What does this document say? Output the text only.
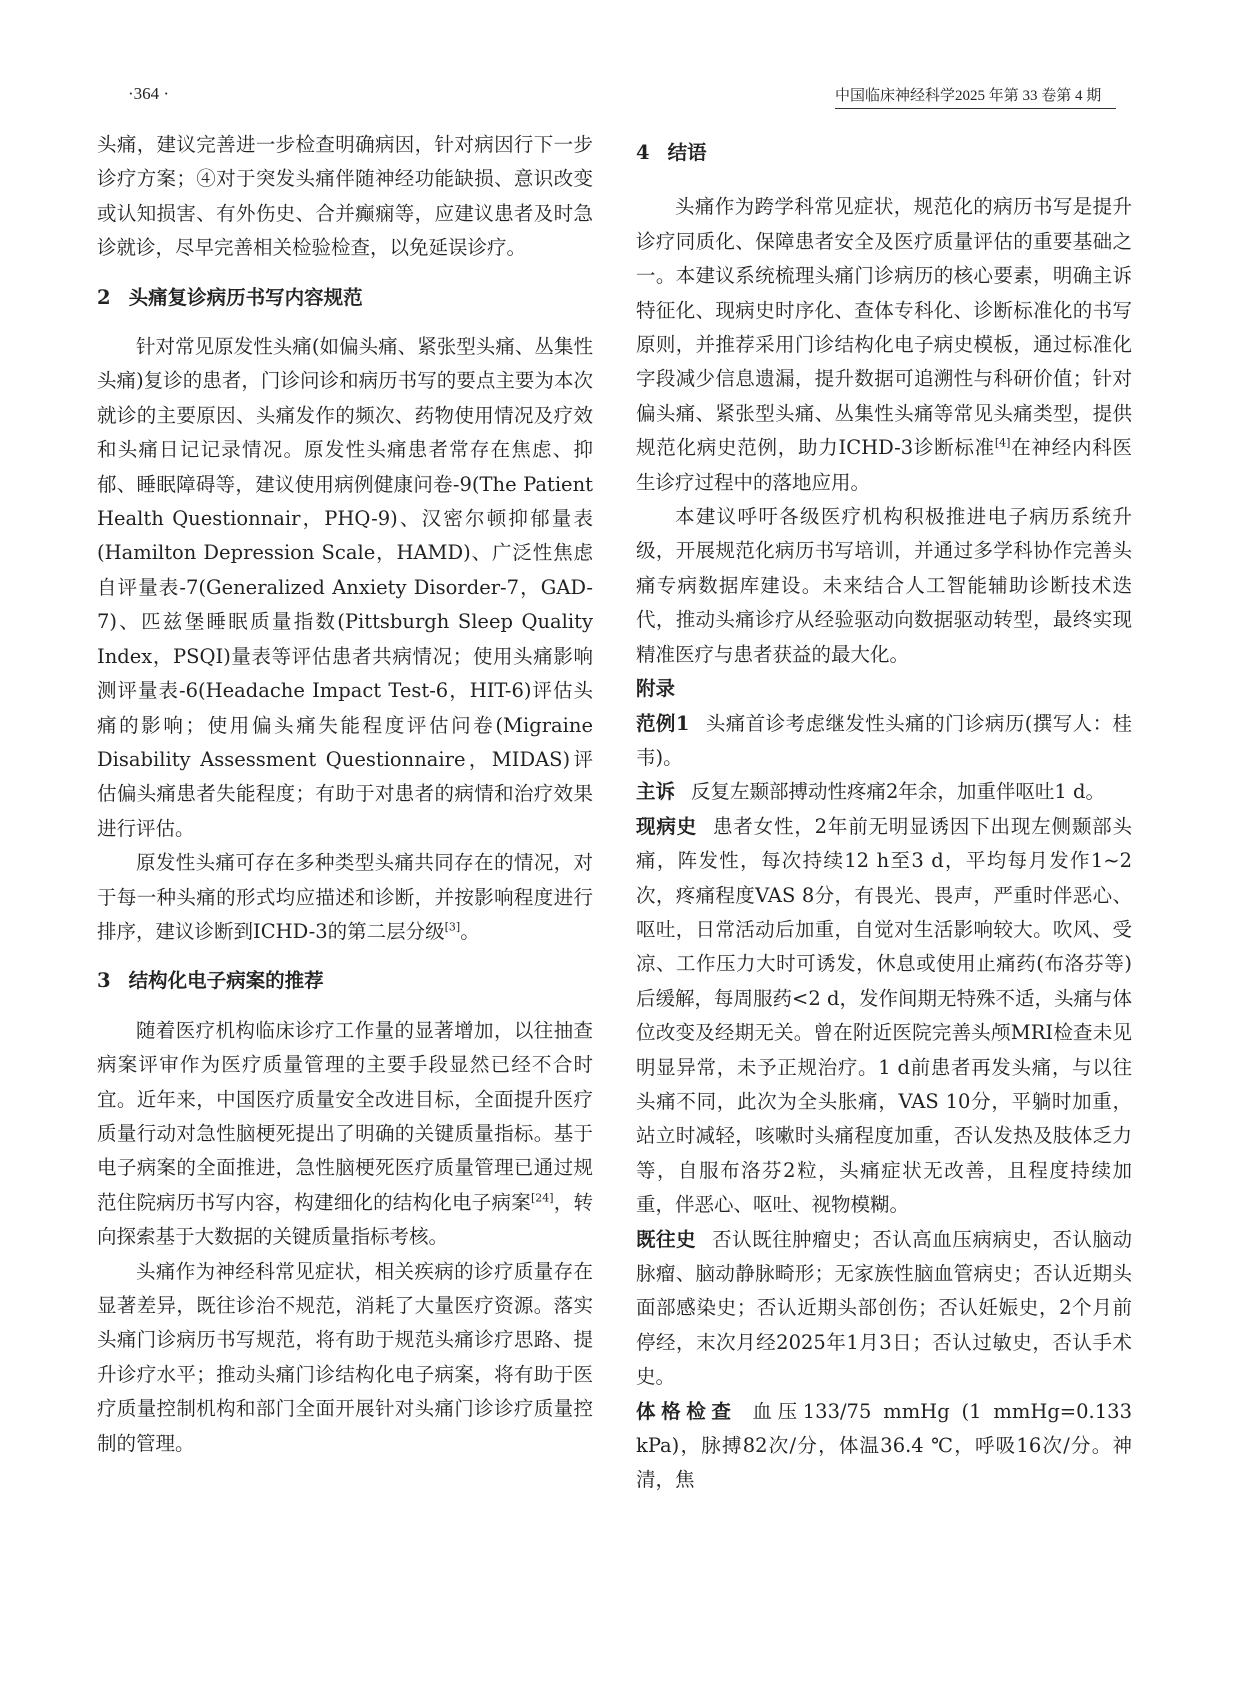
·364 ·	中国临床神经科学2025 年第 33 卷第 4 期

头痛，建议完善进一步检查明确病因，针对病因行下一步诊疗方案；④对于突发头痛伴随神经功能缺损、意识改变或认知损害、有外伤史、合并癫痫等，应建议患者及时急诊就诊，尽早完善相关检验检查，以免延误诊疗。

2 头痛复诊病历书写内容规范

针对常见原发性头痛(如偏头痛、紧张型头痛、丛集性头痛)复诊的患者，门诊问诊和病历书写的要点主要为本次就诊的主要原因、头痛发作的频次、药物使用情况及疗效和头痛日记记录情况。原发性头痛患者常存在焦虑、抑郁、睡眠障碍等，建议使用病例健康问卷-9(The Patient Health Questionnair，PHQ-9)、汉密尔顿抑郁量表(Hamilton Depression Scale，HAMD)、广泛性焦虑自评量表-7(Generalized Anxiety Disorder-7，GAD-7)、匹兹堡睡眠质量指数(Pittsburgh Sleep Quality Index，PSQI)量表等评估患者共病情况；使用头痛影响测评量表-6(Headache Impact Test-6，HIT-6)评估头痛的影响；使用偏头痛失能程度评估问卷(Migraine Disability Assessment Questionnaire，MIDAS)评估偏头痛患者失能程度；有助于对患者的病情和治疗效果进行评估。

原发性头痛可存在多种类型头痛共同存在的情况，对于每一种头痛的形式均应描述和诊断，并按影响程度进行排序，建议诊断到ICHD-3的第二层分级[3]。

3 结构化电子病案的推荐

随着医疗机构临床诊疗工作量的显著增加，以往抽查病案评审作为医疗质量管理的主要手段显然已经不合时宜。近年来，中国医疗质量安全改进目标，全面提升医疗质量行动对急性脑梗死提出了明确的关键质量指标。基于电子病案的全面推进，急性脑梗死医疗质量管理已通过规范住院病历书写内容，构建细化的结构化电子病案[24]，转向探索基于大数据的关键质量指标考核。

头痛作为神经科常见症状，相关疾病的诊疗质量存在显著差异，既往诊治不规范，消耗了大量医疗资源。落实头痛门诊病历书写规范，将有助于规范头痛诊疗思路、提升诊疗水平；推动头痛门诊结构化电子病案，将有助于医疗质量控制机构和部门全面开展针对头痛门诊诊疗质量控制的管理。

4 结语

头痛作为跨学科常见症状，规范化的病历书写是提升诊疗同质化、保障患者安全及医疗质量评估的重要基础之一。本建议系统梳理头痛门诊病历的核心要素，明确主诉特征化、现病史时序化、查体专科化、诊断标准化的书写原则，并推荐采用门诊结构化电子病史模板，通过标准化字段减少信息遗漏，提升数据可追溯性与科研价值；针对偏头痛、紧张型头痛、丛集性头痛等常见头痛类型，提供规范化病史范例，助力ICHD-3诊断标准[4]在神经内科医生诊疗过程中的落地应用。

本建议呼吁各级医疗机构积极推进电子病历系统升级，开展规范化病历书写培训，并通过多学科协作完善头痛专病数据库建设。未来结合人工智能辅助诊断技术迭代，推动头痛诊疗从经验驱动向数据驱动转型，最终实现精准医疗与患者获益的最大化。

附录

范例1 头痛首诊考虑继发性头痛的门诊病历(撰写人：桂韦)。

主诉 反复左颞部搏动性疼痛2年余，加重伴呕吐1 d。

现病史 患者女性，2年前无明显诱因下出现左侧颞部头痛，阵发性，每次持续12 h至3 d，平均每月发作1~2次，疼痛程度VAS 8分，有畏光、畏声，严重时伴恶心、呕吐，日常活动后加重，自觉对生活影响较大。吹风、受凉、工作压力大时可诱发，休息或使用止痛药(布洛芬等)后缓解，每周服药<2 d，发作间期无特殊不适，头痛与体位改变及经期无关。曾在附近医院完善头颅MRI检查未见明显异常，未予正规治疗。1 d前患者再发头痛，与以往头痛不同，此次为全头胀痛，VAS 10分，平躺时加重，站立时减轻，咳嗽时头痛程度加重，否认发热及肢体乏力等，自服布洛芬2粒，头痛症状无改善，且程度持续加重，伴恶心、呕吐、视物模糊。

既往史 否认既往肿瘤史；否认高血压病病史，否认脑动脉瘤、脑动静脉畸形；无家族性脑血管病史；否认近期头面部感染史；否认近期头部创伤；否认妊娠史，2个月前停经，末次月经2025年1月3日；否认过敏史，否认手术史。

体格检查 血压133/75 mmHg (1 mmHg=0.133 kPa)，脉搏82次/分，体温36.4 ℃，呼吸16次/分。神清，焦
